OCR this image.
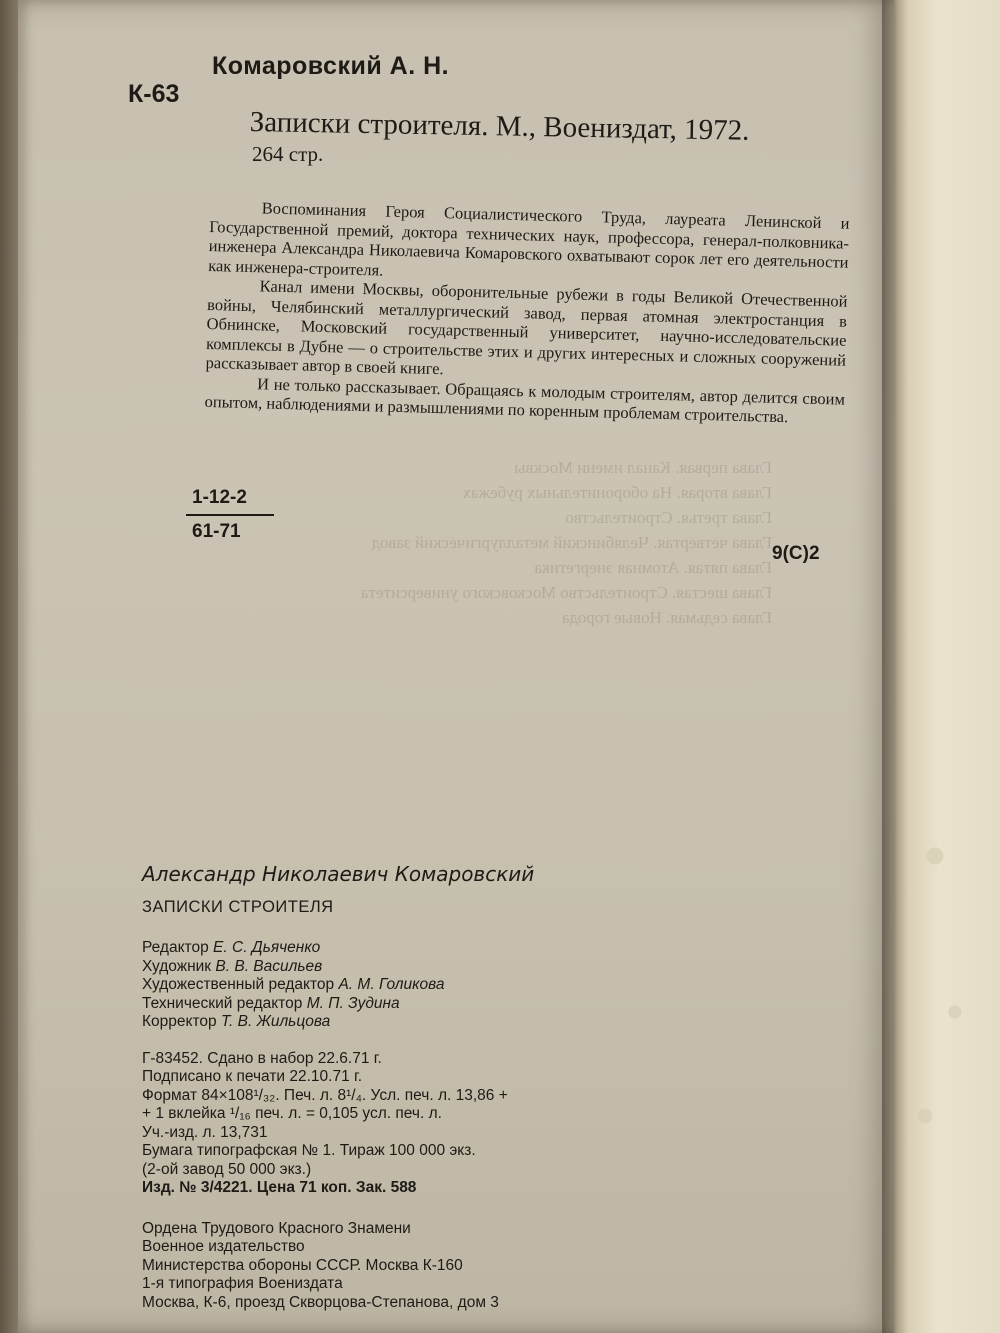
Глава первая. Канал имени Москвы
Глава вторая. На оборонительных рубежах
Глава третья. Строительство
Глава четвертая. Челябинский металлургический завод
Глава пятая. Атомная энергетика
Глава шестая. Строительство Московского университета
Глава седьмая. Новые города
К-63
Комаровский А. Н.
Записки строителя. М., Воениздат, 1972.
264 стр.

Воспоминания Героя Социалистического Труда, лауреата Ленинской и Государственной премий, доктора технических наук, профессора, генерал-полковника-инженера Александра Николаевича Комаровского охватывают сорок лет его деятельности как инженера-строителя.

Канал имени Москвы, оборонительные рубежи в годы Великой Отечественной войны, Челябинский металлургический завод, первая атомная электростанция в Обнинске, Московский государственный университет, научно-исследовательские комплексы в Дубне — о строительстве этих и других интересных и сложных сооружений рассказывает автор в своей книге.

И не только рассказывает. Обращаясь к молодым строителям, автор делится своим опытом, наблюдениями и размышлениями по коренным проблемам строительства.

1-12-2
61-71
9(С)2
Александр Николаевич Комаровский
ЗАПИСКИ СТРОИТЕЛЯ
Редактор Е. С. Дьяченко
Художник В. В. Васильев
Художественный редактор А. М. Голикова
Технический редактор М. П. Зудина
Корректор Т. В. Жильцова
Г-83452. Сдано в набор 22.6.71 г.
Подписано к печати 22.10.71 г.
Формат 84×108¹/₃₂. Печ. л. 8¹/₄. Усл. печ. л. 13,86 +
+ 1 вклейка ¹/₁₆ печ. л. = 0,105 усл. печ. л.
Уч.-изд. л. 13,731
Бумага типографская № 1. Тираж 100 000 экз.
(2-ой завод 50 000 экз.)
Изд. № 3/4221. Цена 71 коп. Зак. 588
Ордена Трудового Красного Знамени
Военное издательство
Министерства обороны СССР. Москва К-160
1-я типография Воениздата
Москва, К-6, проезд Скворцова-Степанова, дом 3
